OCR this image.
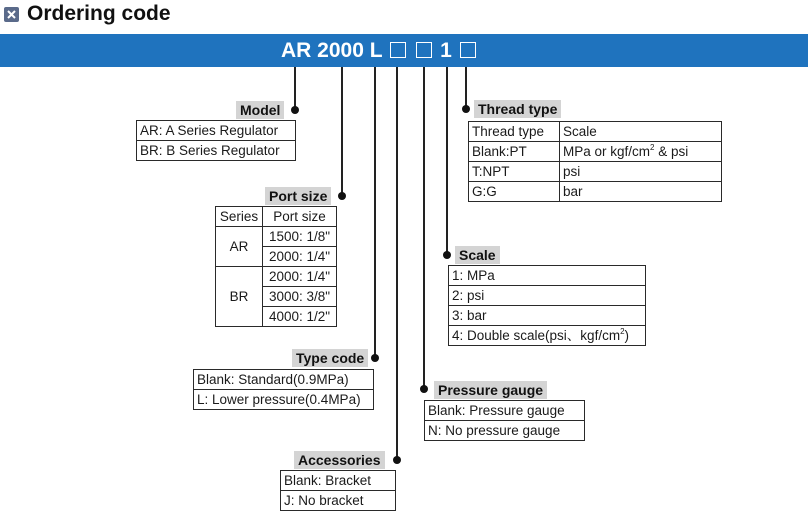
Ordering code
AR 2000 L	1
Model
AR: A Series Regulator
BR: B Series Regulator
Port size
Series	Port size
AR	1500: 1/8"
	2000: 1/4"
BR	2000: 1/4"
	3000: 3/8"
	4000: 1/2"
Type code
Blank: Standard(0.9MPa)
L: Lower pressure(0.4MPa)
Accessories
Blank: Bracket
J: No bracket
Pressure gauge
Blank: Pressure gauge
N: No pressure gauge
Scale
1: MPa
2: psi
3: bar
4: Double scale(psi、kgf/$cm^2$)
Thread type
Thread type	Scale
Blank:PT	MPa or kgf/$cm^2$ & psi
T:NPT	psi
G:G	bar
